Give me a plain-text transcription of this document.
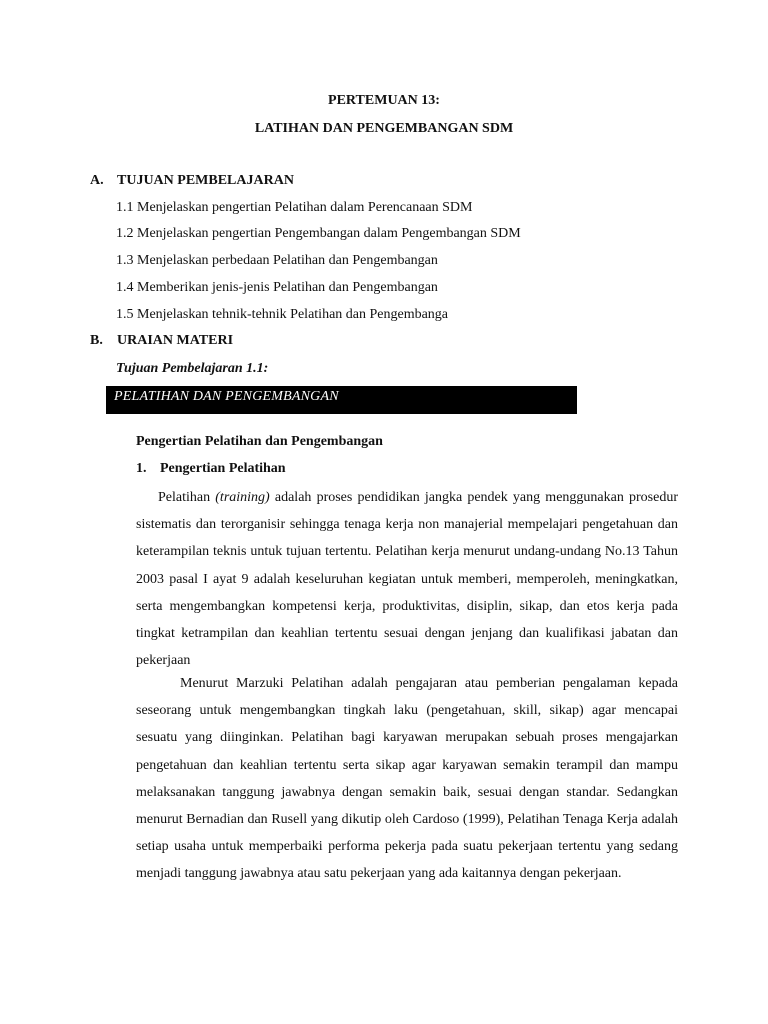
PERTEMUAN 13:
LATIHAN DAN PENGEMBANGAN SDM
A. TUJUAN PEMBELAJARAN
1.1 Menjelaskan pengertian Pelatihan dalam Perencanaan SDM
1.2 Menjelaskan pengertian Pengembangan dalam Pengembangan SDM
1.3 Menjelaskan perbedaan Pelatihan dan Pengembangan
1.4 Memberikan jenis-jenis Pelatihan dan Pengembangan
1.5 Menjelaskan tehnik-tehnik Pelatihan dan Pengembanga
B. URAIAN MATERI
Tujuan Pembelajaran 1.1:
PELATIHAN DAN PENGEMBANGAN
Pengertian Pelatihan dan Pengembangan
1. Pengertian Pelatihan
Pelatihan (training) adalah proses pendidikan jangka pendek yang menggunakan prosedur sistematis dan terorganisir sehingga tenaga kerja non manajerial mempelajari pengetahuan dan keterampilan teknis untuk tujuan tertentu. Pelatihan kerja menurut undang-undang No.13 Tahun 2003 pasal I ayat 9 adalah keseluruhan kegiatan untuk memberi, memperoleh, meningkatkan, serta mengembangkan kompetensi kerja, produktivitas, disiplin, sikap, dan etos kerja pada tingkat ketrampilan dan keahlian tertentu sesuai dengan jenjang dan kualifikasi jabatan dan pekerjaan
Menurut Marzuki Pelatihan adalah pengajaran atau pemberian pengalaman kepada seseorang untuk mengembangkan tingkah laku (pengetahuan, skill, sikap) agar mencapai sesuatu yang diinginkan. Pelatihan bagi karyawan merupakan sebuah proses mengajarkan pengetahuan dan keahlian tertentu serta sikap agar karyawan semakin terampil dan mampu melaksanakan tanggung jawabnya dengan semakin baik, sesuai dengan standar. Sedangkan menurut Bernadian dan Rusell yang dikutip oleh Cardoso (1999), Pelatihan Tenaga Kerja adalah setiap usaha untuk memperbaiki performa pekerja pada suatu pekerjaan tertentu yang sedang menjadi tanggung jawabnya atau satu pekerjaan yang ada kaitannya dengan pekerjaan.
